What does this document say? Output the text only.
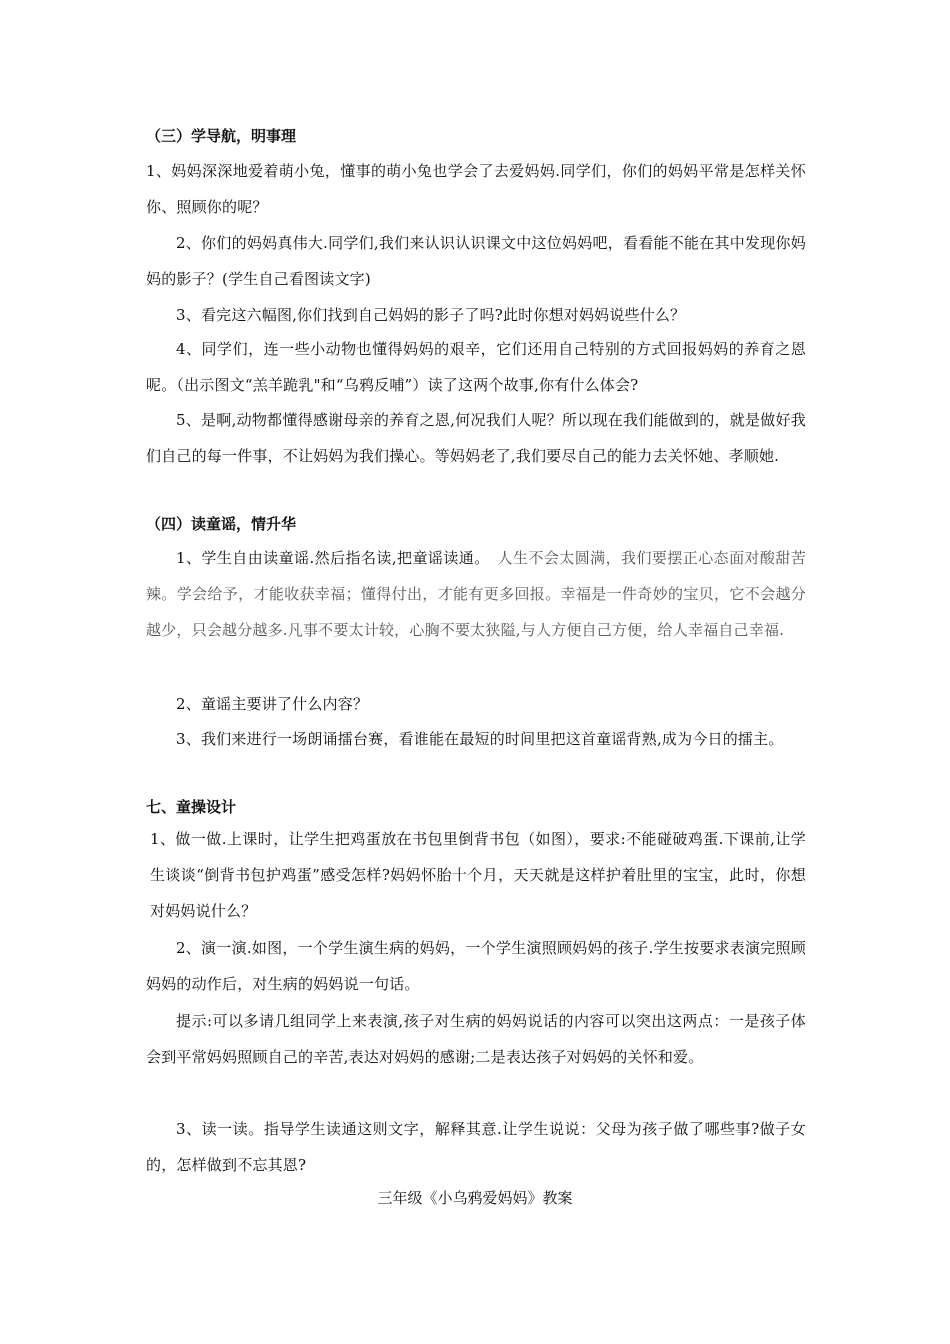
（三）学导航，明事理
1、妈妈深深地爱着萌小兔，懂事的萌小兔也学会了去爱妈妈.同学们，你们的妈妈平常是怎样关怀你、照顾你的呢？
2、你们的妈妈真伟大.同学们,我们来认识认识课文中这位妈妈吧，看看能不能在其中发现你妈妈的影子？(学生自己看图读文字)
3、看完这六幅图,你们找到自己妈妈的影子了吗?此时你想对妈妈说些什么？
4、同学们，连一些小动物也懂得妈妈的艰辛，它们还用自己特别的方式回报妈妈的养育之恩呢。（出示图文“羔羊跪乳"和“乌鸦反哺”）读了这两个故事,你有什么体会?
5、是啊,动物都懂得感谢母亲的养育之恩,何况我们人呢？所以现在我们能做到的，就是做好我们自己的每一件事，不让妈妈为我们操心。等妈妈老了,我们要尽自己的能力去关怀她、孝顺她.
（四）读童谣，情升华
1、学生自由读童谣.然后指名读,把童谣读通。　人生不会太圆满，我们要摆正心态面对酸甜苦辣。学会给予，才能收获幸福；懂得付出，才能有更多回报。幸福是一件奇妙的宝贝，它不会越分越少，只会越分越多.凡事不要太计较，心胸不要太狭隘,与人方便自己方便，给人幸福自己幸福.
2、童谣主要讲了什么内容？
3、我们来进行一场朗诵擂台赛，看谁能在最短的时间里把这首童谣背熟,成为今日的擂主。
七、童操设计
1、做一做.上课时，让学生把鸡蛋放在书包里倒背书包（如图），要求:不能碰破鸡蛋.下课前,让学生谈谈“倒背书包护鸡蛋”感受怎样?妈妈怀胎十个月，天天就是这样护着肚里的宝宝，此时，你想对妈妈说什么？
2、演一演.如图，一个学生演生病的妈妈，一个学生演照顾妈妈的孩子.学生按要求表演完照顾妈妈的动作后，对生病的妈妈说一句话。
提示:可以多请几组同学上来表演,孩子对生病的妈妈说话的内容可以突出这两点：一是孩子体会到平常妈妈照顾自己的辛苦,表达对妈妈的感谢;二是表达孩子对妈妈的关怀和爱。
3、读一读。指导学生读通这则文字，解释其意.让学生说说：父母为孩子做了哪些事?做子女的，怎样做到不忘其恩?
三年级《小乌鸦爱妈妈》教案
